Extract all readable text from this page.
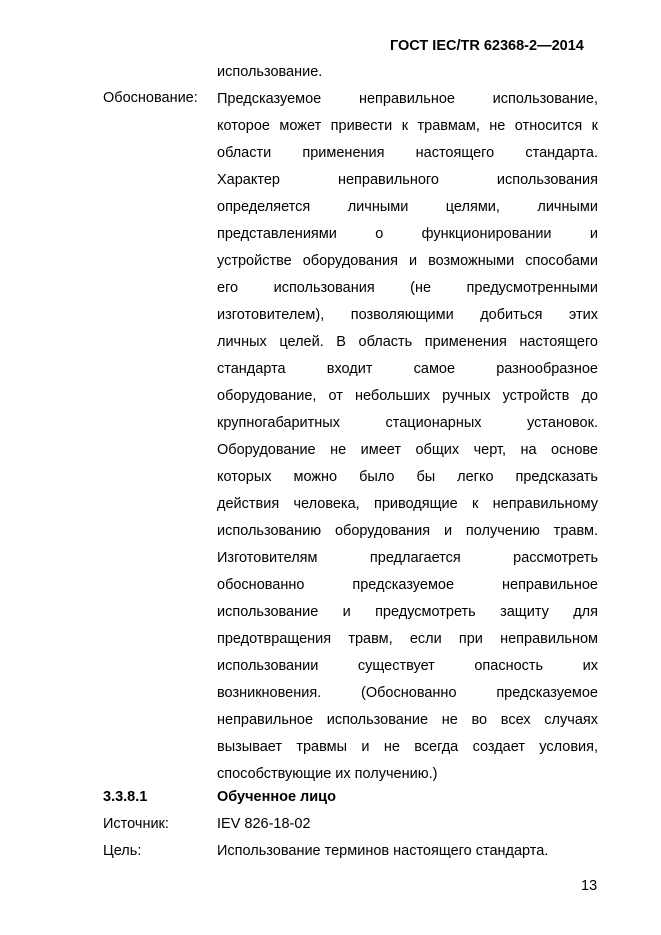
ГОСТ IEC/TR 62368-2—2014
использование.
Обоснование: Предсказуемое неправильное использование,
которое может привести к травмам, не относится к
области применения настоящего стандарта.
Характер неправильного использования
определяется личными целями, личными
представлениями о функционировании и
устройстве оборудования и возможными способами
его использования (не предусмотренными
изготовителем), позволяющими добиться этих
личных целей. В область применения настоящего
стандарта входит самое разнообразное
оборудование, от небольших ручных устройств до
крупногабаритных стационарных установок.
Оборудование не имеет общих черт, на основе
которых можно было бы легко предсказать
действия человека, приводящие к неправильному
использованию оборудования и получению травм.
Изготовителям предлагается рассмотреть
обоснованно предсказуемое неправильное
использование и предусмотреть защиту для
предотвращения травм, если при неправильном
использовании существует опасность их
возникновения. (Обоснованно предсказуемое
неправильное использование не во всех случаях
вызывает травмы и не всегда создает условия,
способствующие их получению.)
3.3.8.1	Обученное лицо
Источник:	IEV 826-18-02
Цель:	Использование терминов настоящего стандарта.
13
